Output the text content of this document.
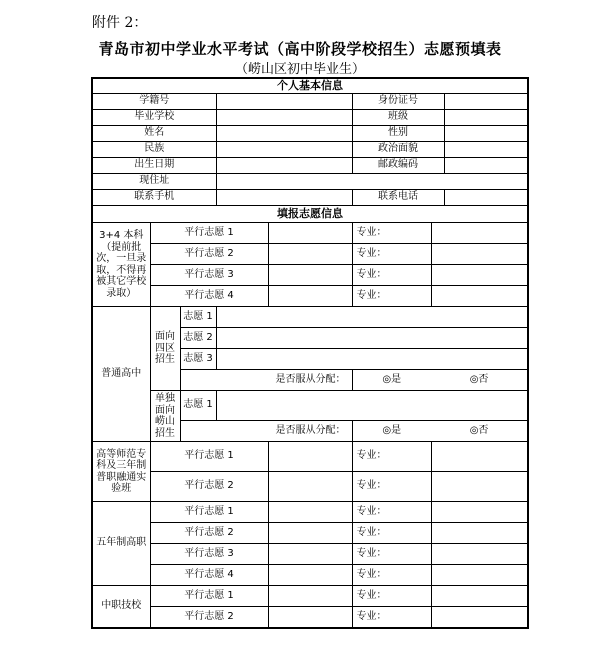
附件 2：
青岛市初中学业水平考试（高中阶段学校招生）志愿预填表
（崂山区初中毕业生）
个人基本信息							
学籍号					身份证号		
毕业学校					班级		
姓名					性别		
民族					政治面貌		
出生日期					邮政编码		
现住址							
联系手机					联系电话		
填报志愿信息							
3+4 本科（提前批次，一旦录取，不得再被其它学校录取）	平行志愿 1				专业：		
	平行志愿 2				专业：		
	平行志愿 3				专业：		
	平行志愿 4				专业：		
普通高中	面向四区招生	志愿 1					
		志愿 2					
		志愿 3					
		是否服从分配：			◎是	◎否	
	单独面向崂山招生	志愿 1					
		是否服从分配：			◎是	◎否	
高等师范专科及三年制普职融通实验班	平行志愿 1				专业：		
	平行志愿 2				专业：		
五年制高职	平行志愿 1				专业：		
	平行志愿 2				专业：		
	平行志愿 3				专业：		
	平行志愿 4				专业：		
中职技校	平行志愿 1				专业：		
	平行志愿 2				专业：		
